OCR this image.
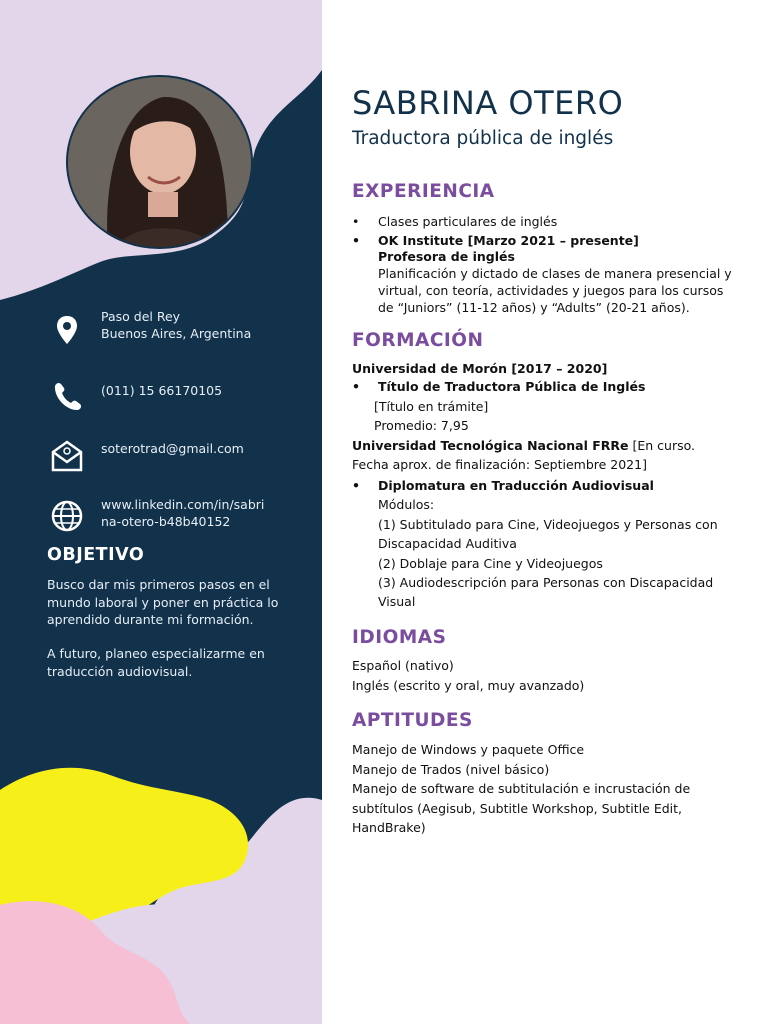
Paso del Rey
Buenos Aires, Argentina
(011) 15 66170105
soterotrad@gmail.com
www.linkedin.com/in/sabri
na-otero-b48b40152
OBJETIVO
Busco dar mis primeros pasos en el mundo laboral y poner en práctica lo aprendido durante mi formación.
A futuro, planeo especializarme en traducción audiovisual.
SABRINA OTERO
Traductora pública de inglés
EXPERIENCIA
• Clases particulares de inglés
• OK Institute [Marzo 2021 – presente]
Profesora de inglés
Planificación y dictado de clases de manera presencial y
virtual, con teoría, actividades y juegos para los cursos
de “Juniors” (11-12 años) y “Adults” (20-21 años).
FORMACIÓN
Universidad de Morón [2017 – 2020]
• Título de Traductora Pública de Inglés
[Título en trámite]
Promedio: 7,95
Universidad Tecnológica Nacional FRRe [En curso.
Fecha aprox. de finalización: Septiembre 2021]
• Diplomatura en Traducción Audiovisual
Módulos:
(1) Subtitulado para Cine, Videojuegos y Personas con
Discapacidad Auditiva
(2) Doblaje para Cine y Videojuegos
(3) Audiodescripción para Personas con Discapacidad
Visual
IDIOMAS
Español (nativo)
Inglés (escrito y oral, muy avanzado)
APTITUDES
Manejo de Windows y paquete Office
Manejo de Trados (nivel básico)
Manejo de software de subtitulación e incrustación de
subtítulos (Aegisub, Subtitle Workshop, Subtitle Edit,
HandBrake)
